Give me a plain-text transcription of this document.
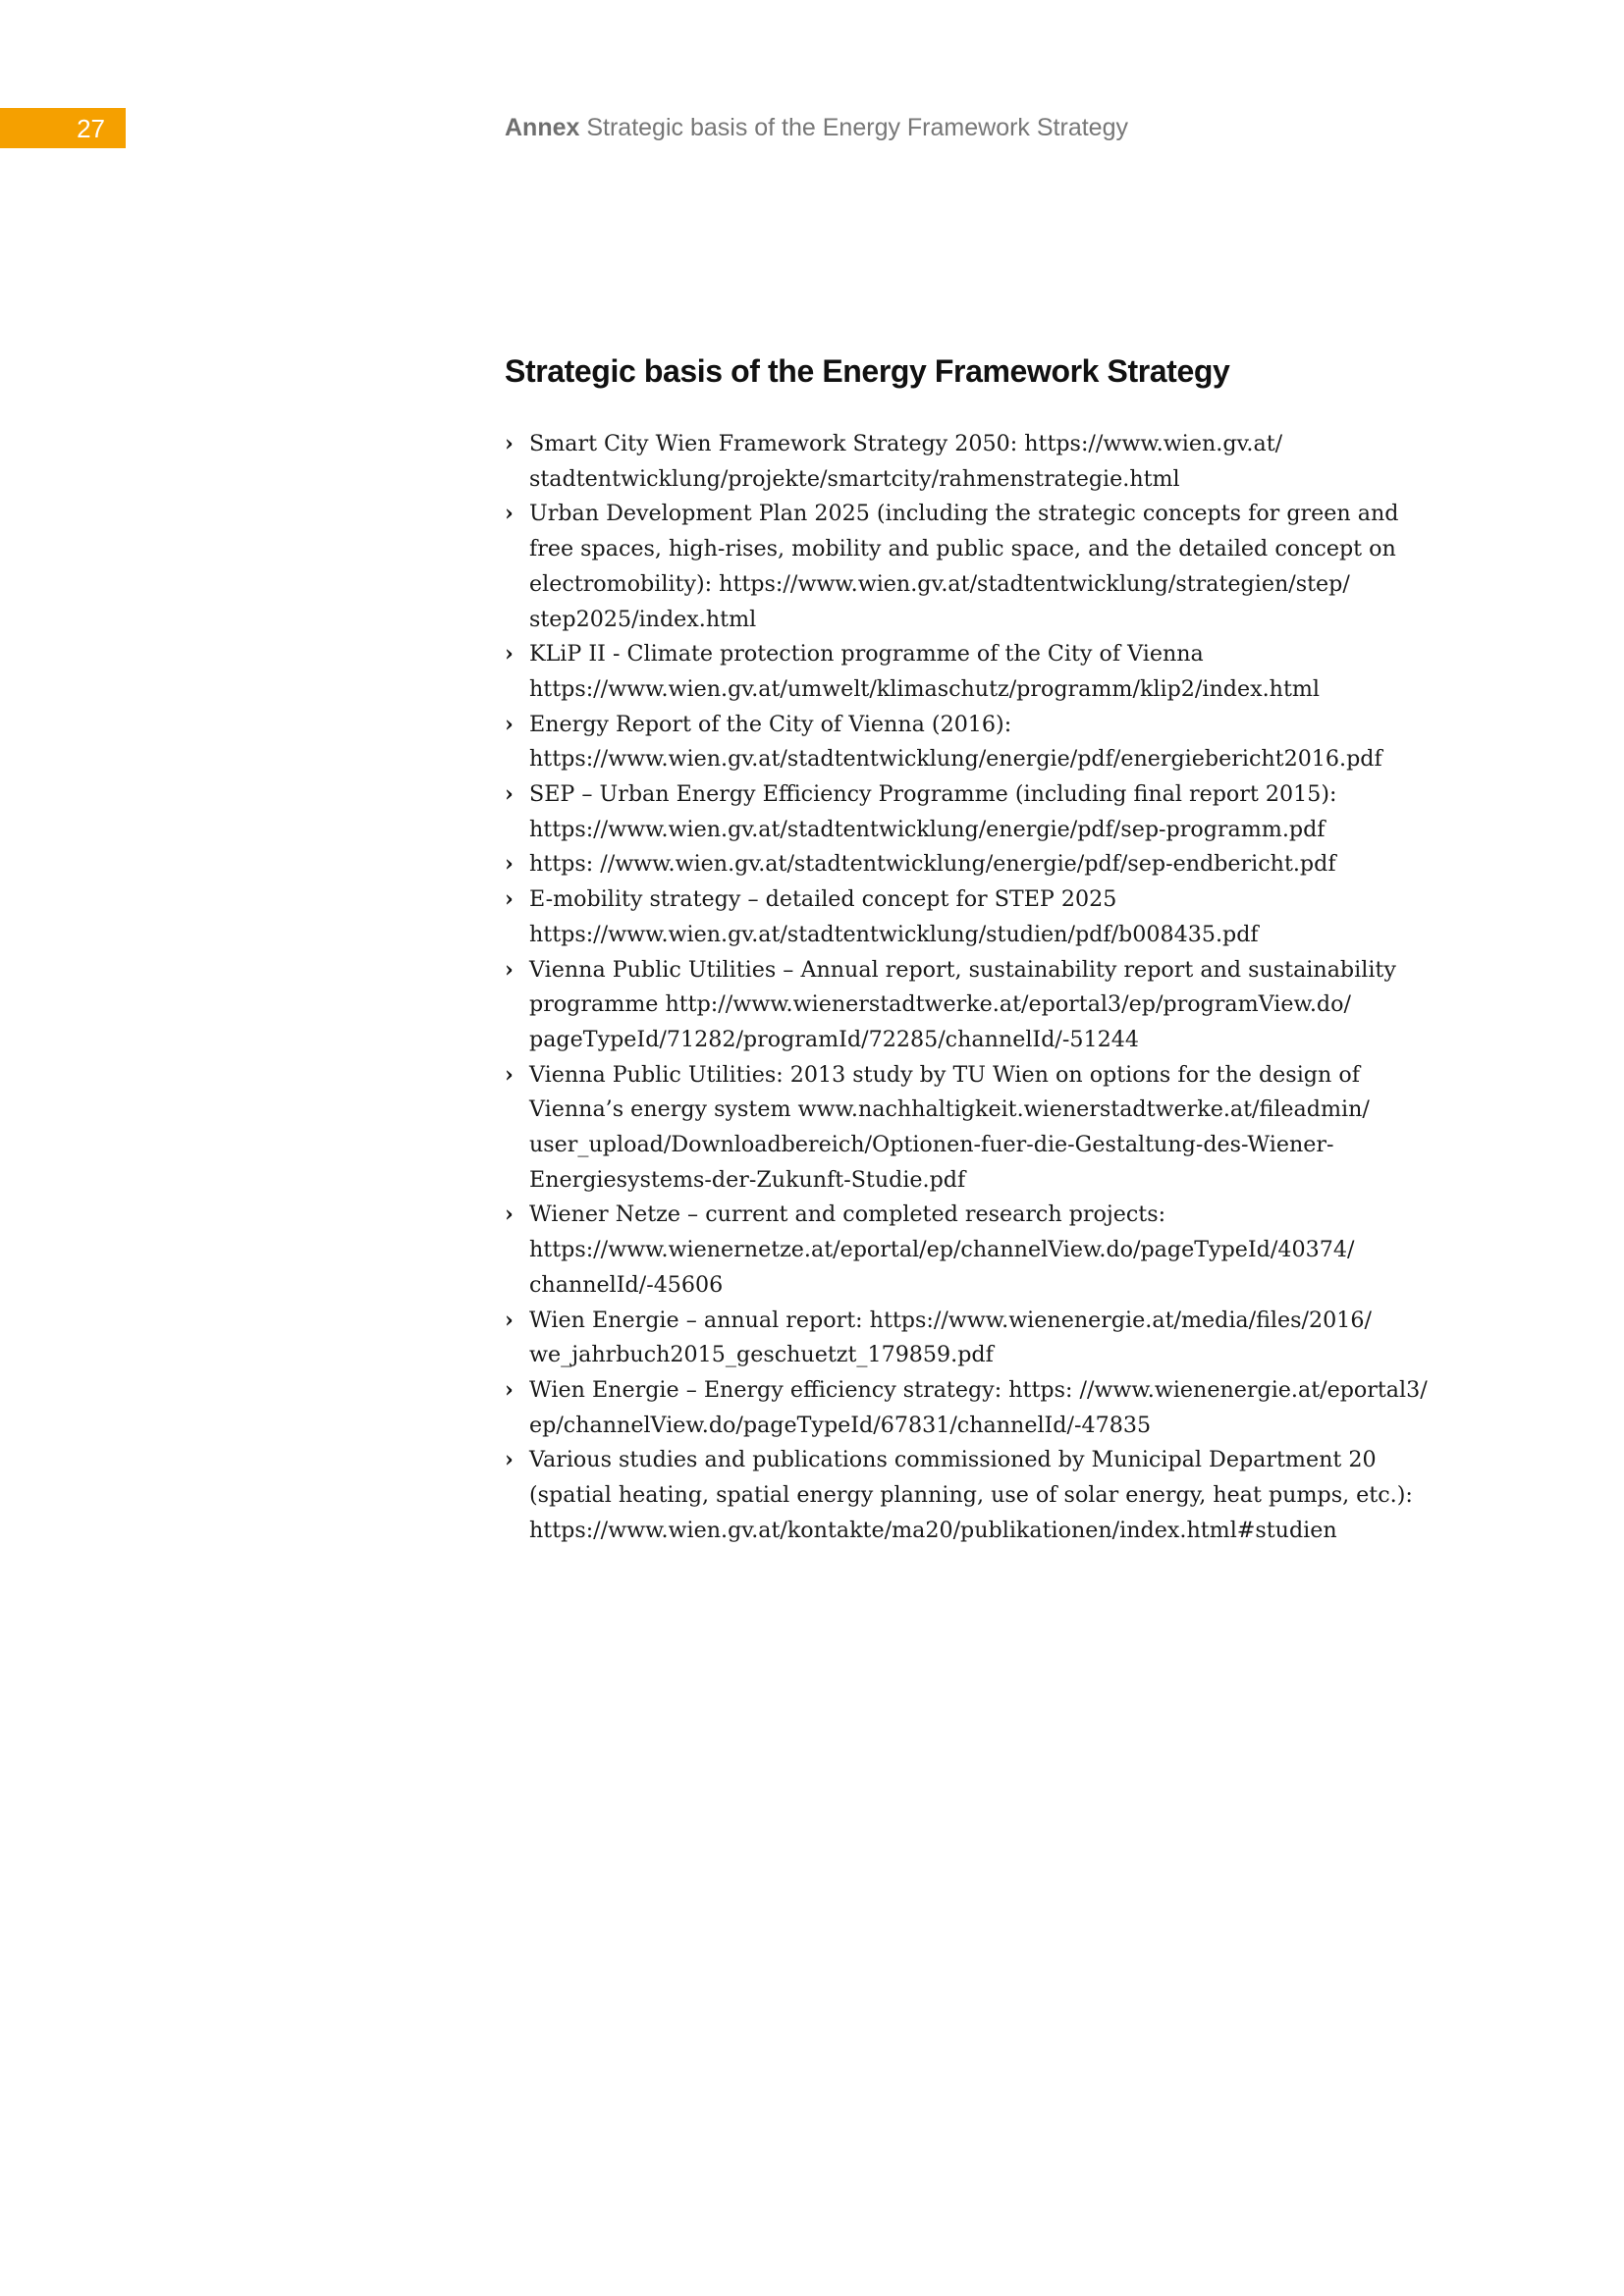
27	Annex Strategic basis of the Energy Framework Strategy
Strategic basis of the Energy Framework Strategy
› Smart City Wien Framework Strategy 2050: https://www.wien.gv.at/
stadtentwicklung/projekte/smartcity/rahmenstrategie.html
› Urban Development Plan 2025 (including the strategic concepts for green and
free spaces, high-rises, mobility and public space, and the detailed concept on
electromobility): https://www.wien.gv.at/stadtentwicklung/strategien/step/
step2025/index.html
› KLiP II - Climate protection programme of the City of Vienna
https://www.wien.gv.at/umwelt/klimaschutz/programm/klip2/index.html
› Energy Report of the City of Vienna (2016):
https://www.wien.gv.at/stadtentwicklung/energie/pdf/energiebericht2016.pdf
› SEP – Urban Energy Efficiency Programme (including final report 2015):
https://www.wien.gv.at/stadtentwicklung/energie/pdf/sep-programm.pdf
› https: //www.wien.gv.at/stadtentwicklung/energie/pdf/sep-endbericht.pdf
› E-mobility strategy – detailed concept for STEP 2025
https://www.wien.gv.at/stadtentwicklung/studien/pdf/b008435.pdf
› Vienna Public Utilities – Annual report, sustainability report and sustainability
programme http://www.wienerstadtwerke.at/eportal3/ep/programView.do/
pageTypeId/71282/programId/72285/channelId/-51244
› Vienna Public Utilities: 2013 study by TU Wien on options for the design of
Vienna’s energy system www.nachhaltigkeit.wienerstadtwerke.at/fileadmin/
user_upload/Downloadbereich/Optionen-fuer-die-Gestaltung-des-Wiener-
Energiesystems-der-Zukunft-Studie.pdf
› Wiener Netze – current and completed research projects:
https://www.wienernetze.at/eportal/ep/channelView.do/pageTypeId/40374/
channelId/-45606
› Wien Energie – annual report: https://www.wienenergie.at/media/files/2016/
we_jahrbuch2015_geschuetzt_179859.pdf
› Wien Energie – Energy efficiency strategy: https: //www.wienenergie.at/eportal3/
ep/channelView.do/pageTypeId/67831/channelId/-47835
› Various studies and publications commissioned by Municipal Department 20
(spatial heating, spatial energy planning, use of solar energy, heat pumps, etc.):
https://www.wien.gv.at/kontakte/ma20/publikationen/index.html#studien
